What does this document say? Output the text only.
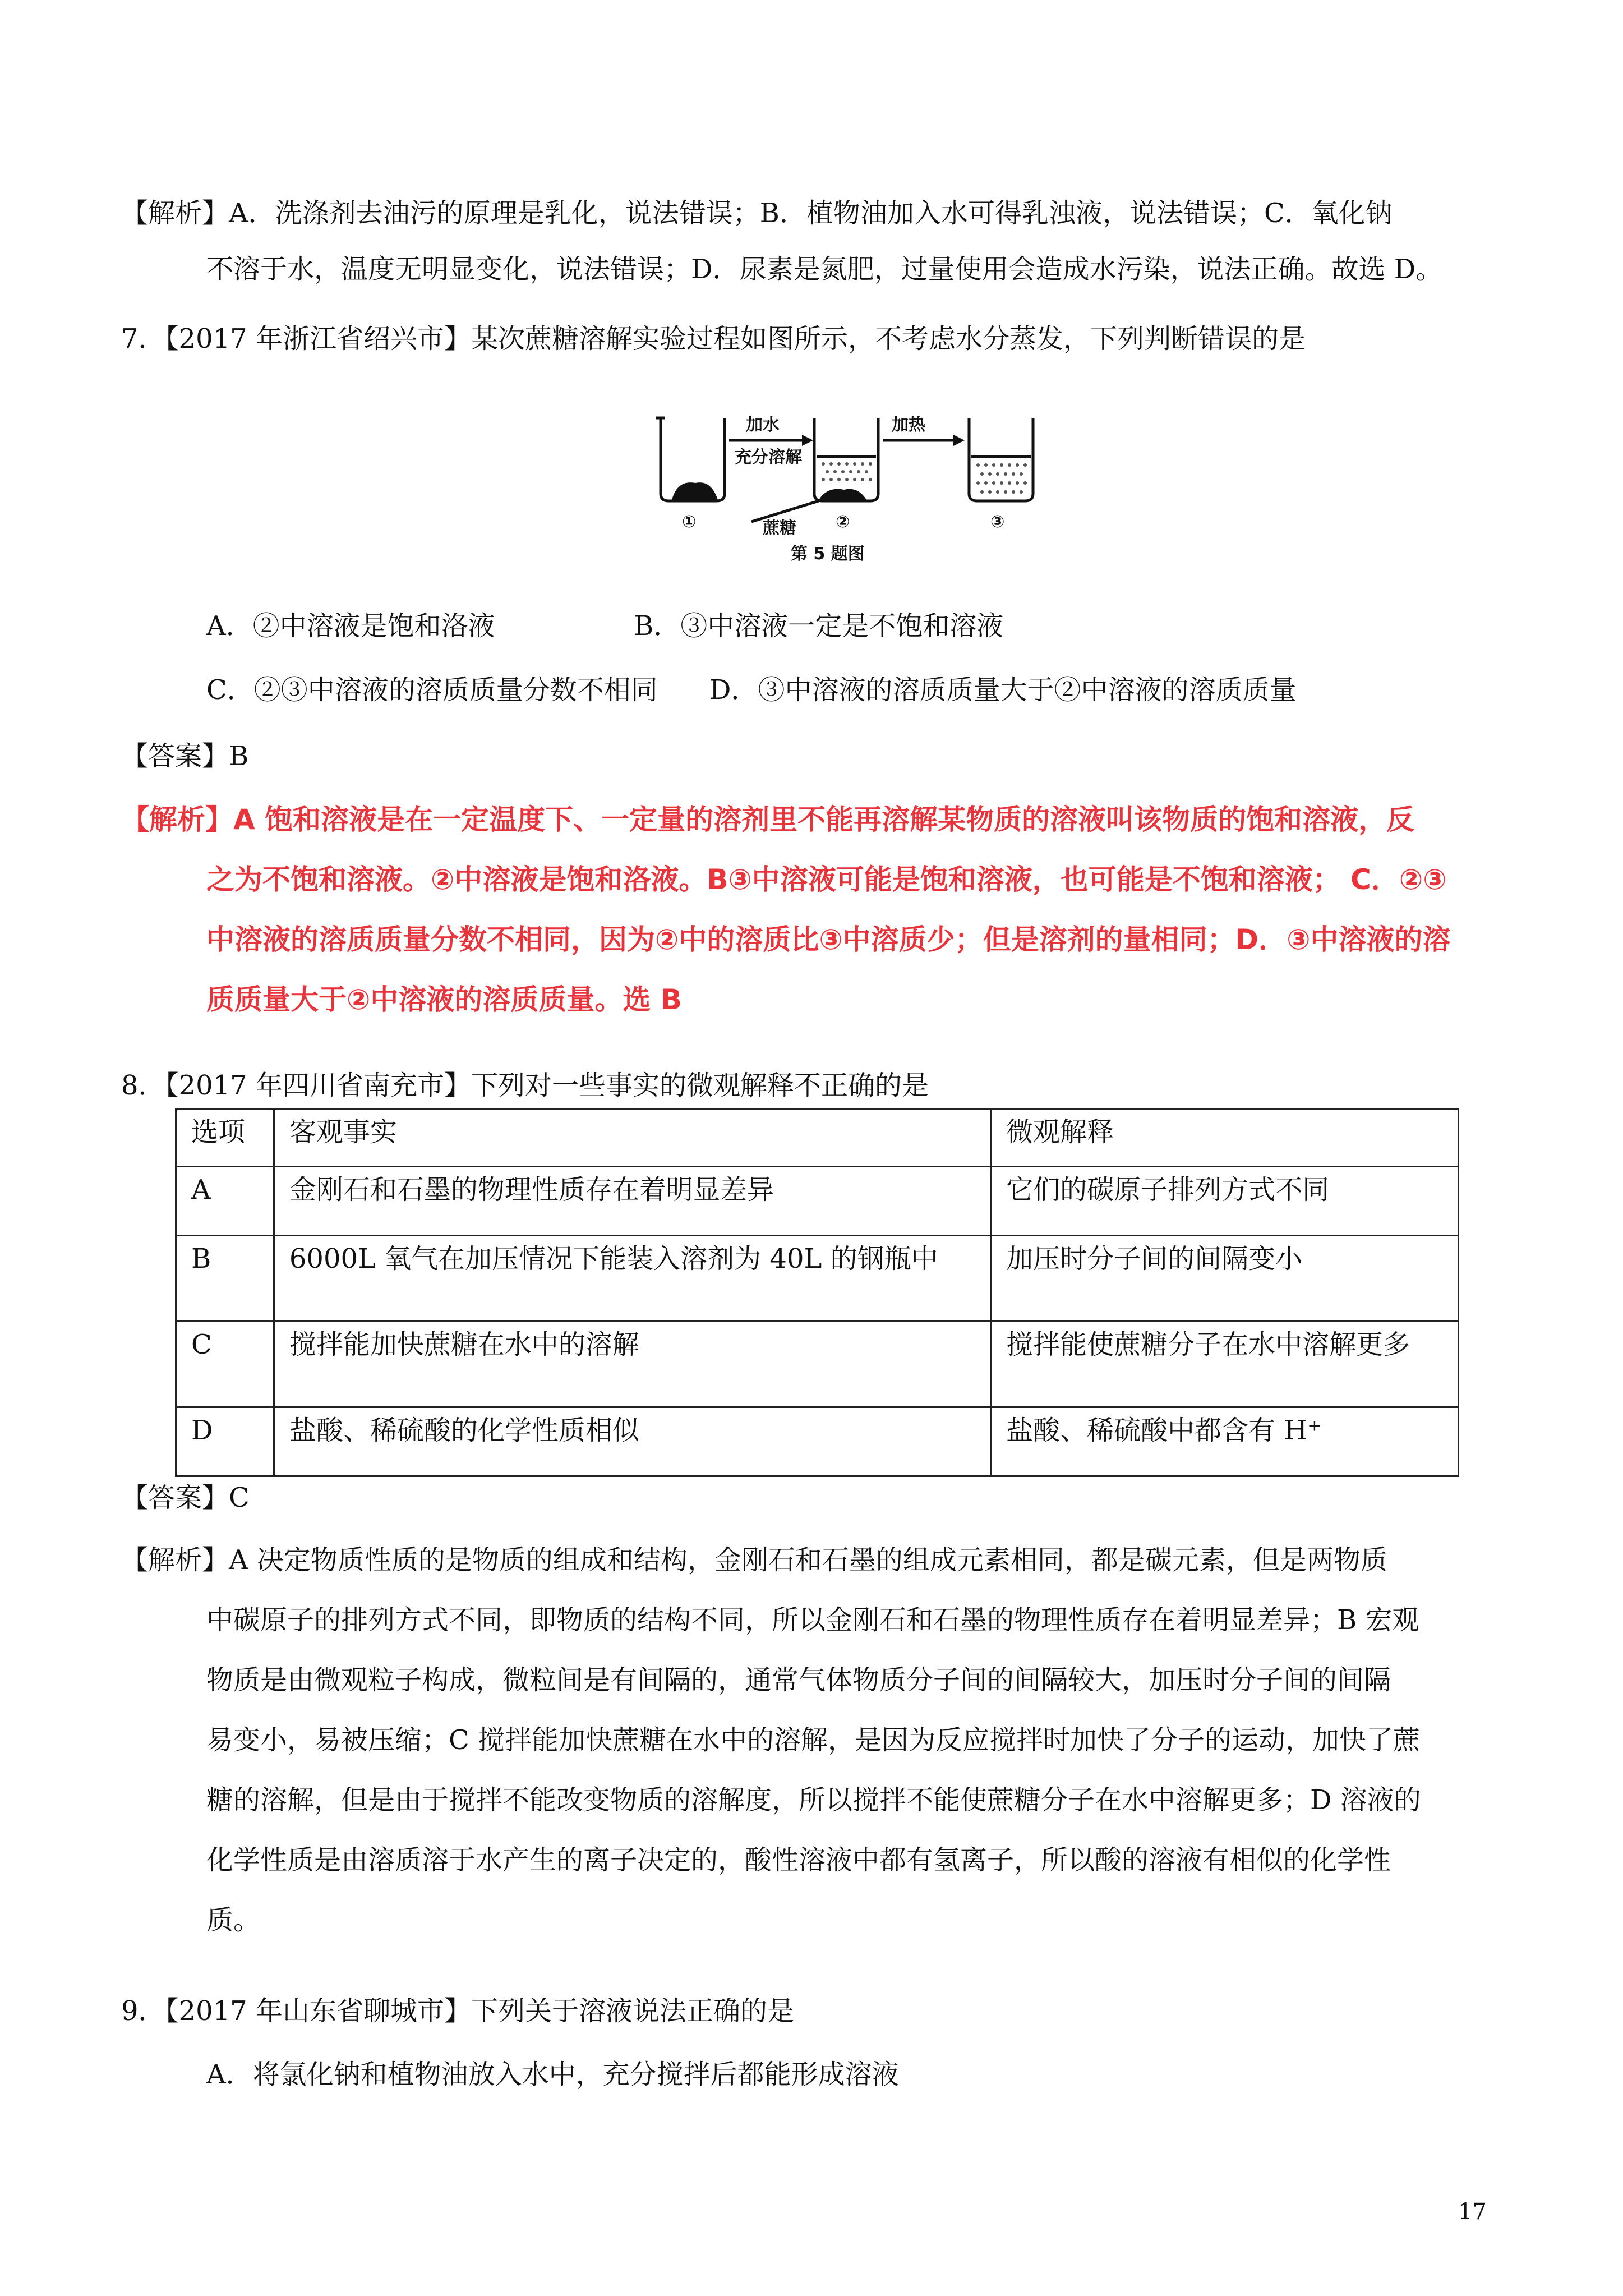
【解析】A．洗涤剂去油污的原理是乳化，说法错误；B．植物油加入水可得乳浊液，说法错误；C．氧化钠
不溶于水，温度无明显变化，说法错误；D．尿素是氮肥，过量使用会造成水污染，说法正确。故选 D。
7．【2017 年浙江省绍兴市】某次蔗糖溶解实验过程如图所示，不考虑水分蒸发，下列判断错误的是
加水
充分溶解
加热
蔗糖
①	②	③
第 5 题图
A．②中溶液是饱和洛液	B．③中溶液一定是不饱和溶液
C．②③中溶液的溶质质量分数不相同 D．③中溶液的溶质质量大于②中溶液的溶质质量
【答案】B
【解析】A 饱和溶液是在一定温度下、一定量的溶剂里不能再溶解某物质的溶液叫该物质的饱和溶液，反
之为不饱和溶液。②中溶液是饱和洛液。B③中溶液可能是饱和溶液，也可能是不饱和溶液； C．②③
中溶液的溶质质量分数不相同，因为②中的溶质比③中溶质少；但是溶剂的量相同；D．③中溶液的溶
质质量大于②中溶液的溶质质量。选 B
8．【2017 年四川省南充市】下列对一些事实的微观解释不正确的是
选项	客观事实	微观解释
A	金刚石和石墨的物理性质存在着明显差异	它们的碳原子排列方式不同
B	6000L 氧气在加压情况下能装入溶剂为 40L 的钢瓶中	加压时分子间的间隔变小
C	搅拌能加快蔗糖在水中的溶解	搅拌能使蔗糖分子在水中溶解更多
D	盐酸、稀硫酸的化学性质相似	盐酸、稀硫酸中都含有 H⁺
【答案】C
【解析】A 决定物质性质的是物质的组成和结构，金刚石和石墨的组成元素相同，都是碳元素，但是两物质
中碳原子的排列方式不同，即物质的结构不同，所以金刚石和石墨的物理性质存在着明显差异；B 宏观
物质是由微观粒子构成，微粒间是有间隔的，通常气体物质分子间的间隔较大，加压时分子间的间隔
易变小，易被压缩；C 搅拌能加快蔗糖在水中的溶解，是因为反应搅拌时加快了分子的运动，加快了蔗
糖的溶解，但是由于搅拌不能改变物质的溶解度，所以搅拌不能使蔗糖分子在水中溶解更多；D 溶液的
化学性质是由溶质溶于水产生的离子决定的，酸性溶液中都有氢离子，所以酸的溶液有相似的化学性
质。
9．【2017 年山东省聊城市】下列关于溶液说法正确的是
A．将氯化钠和植物油放入水中，充分搅拌后都能形成溶液
17
